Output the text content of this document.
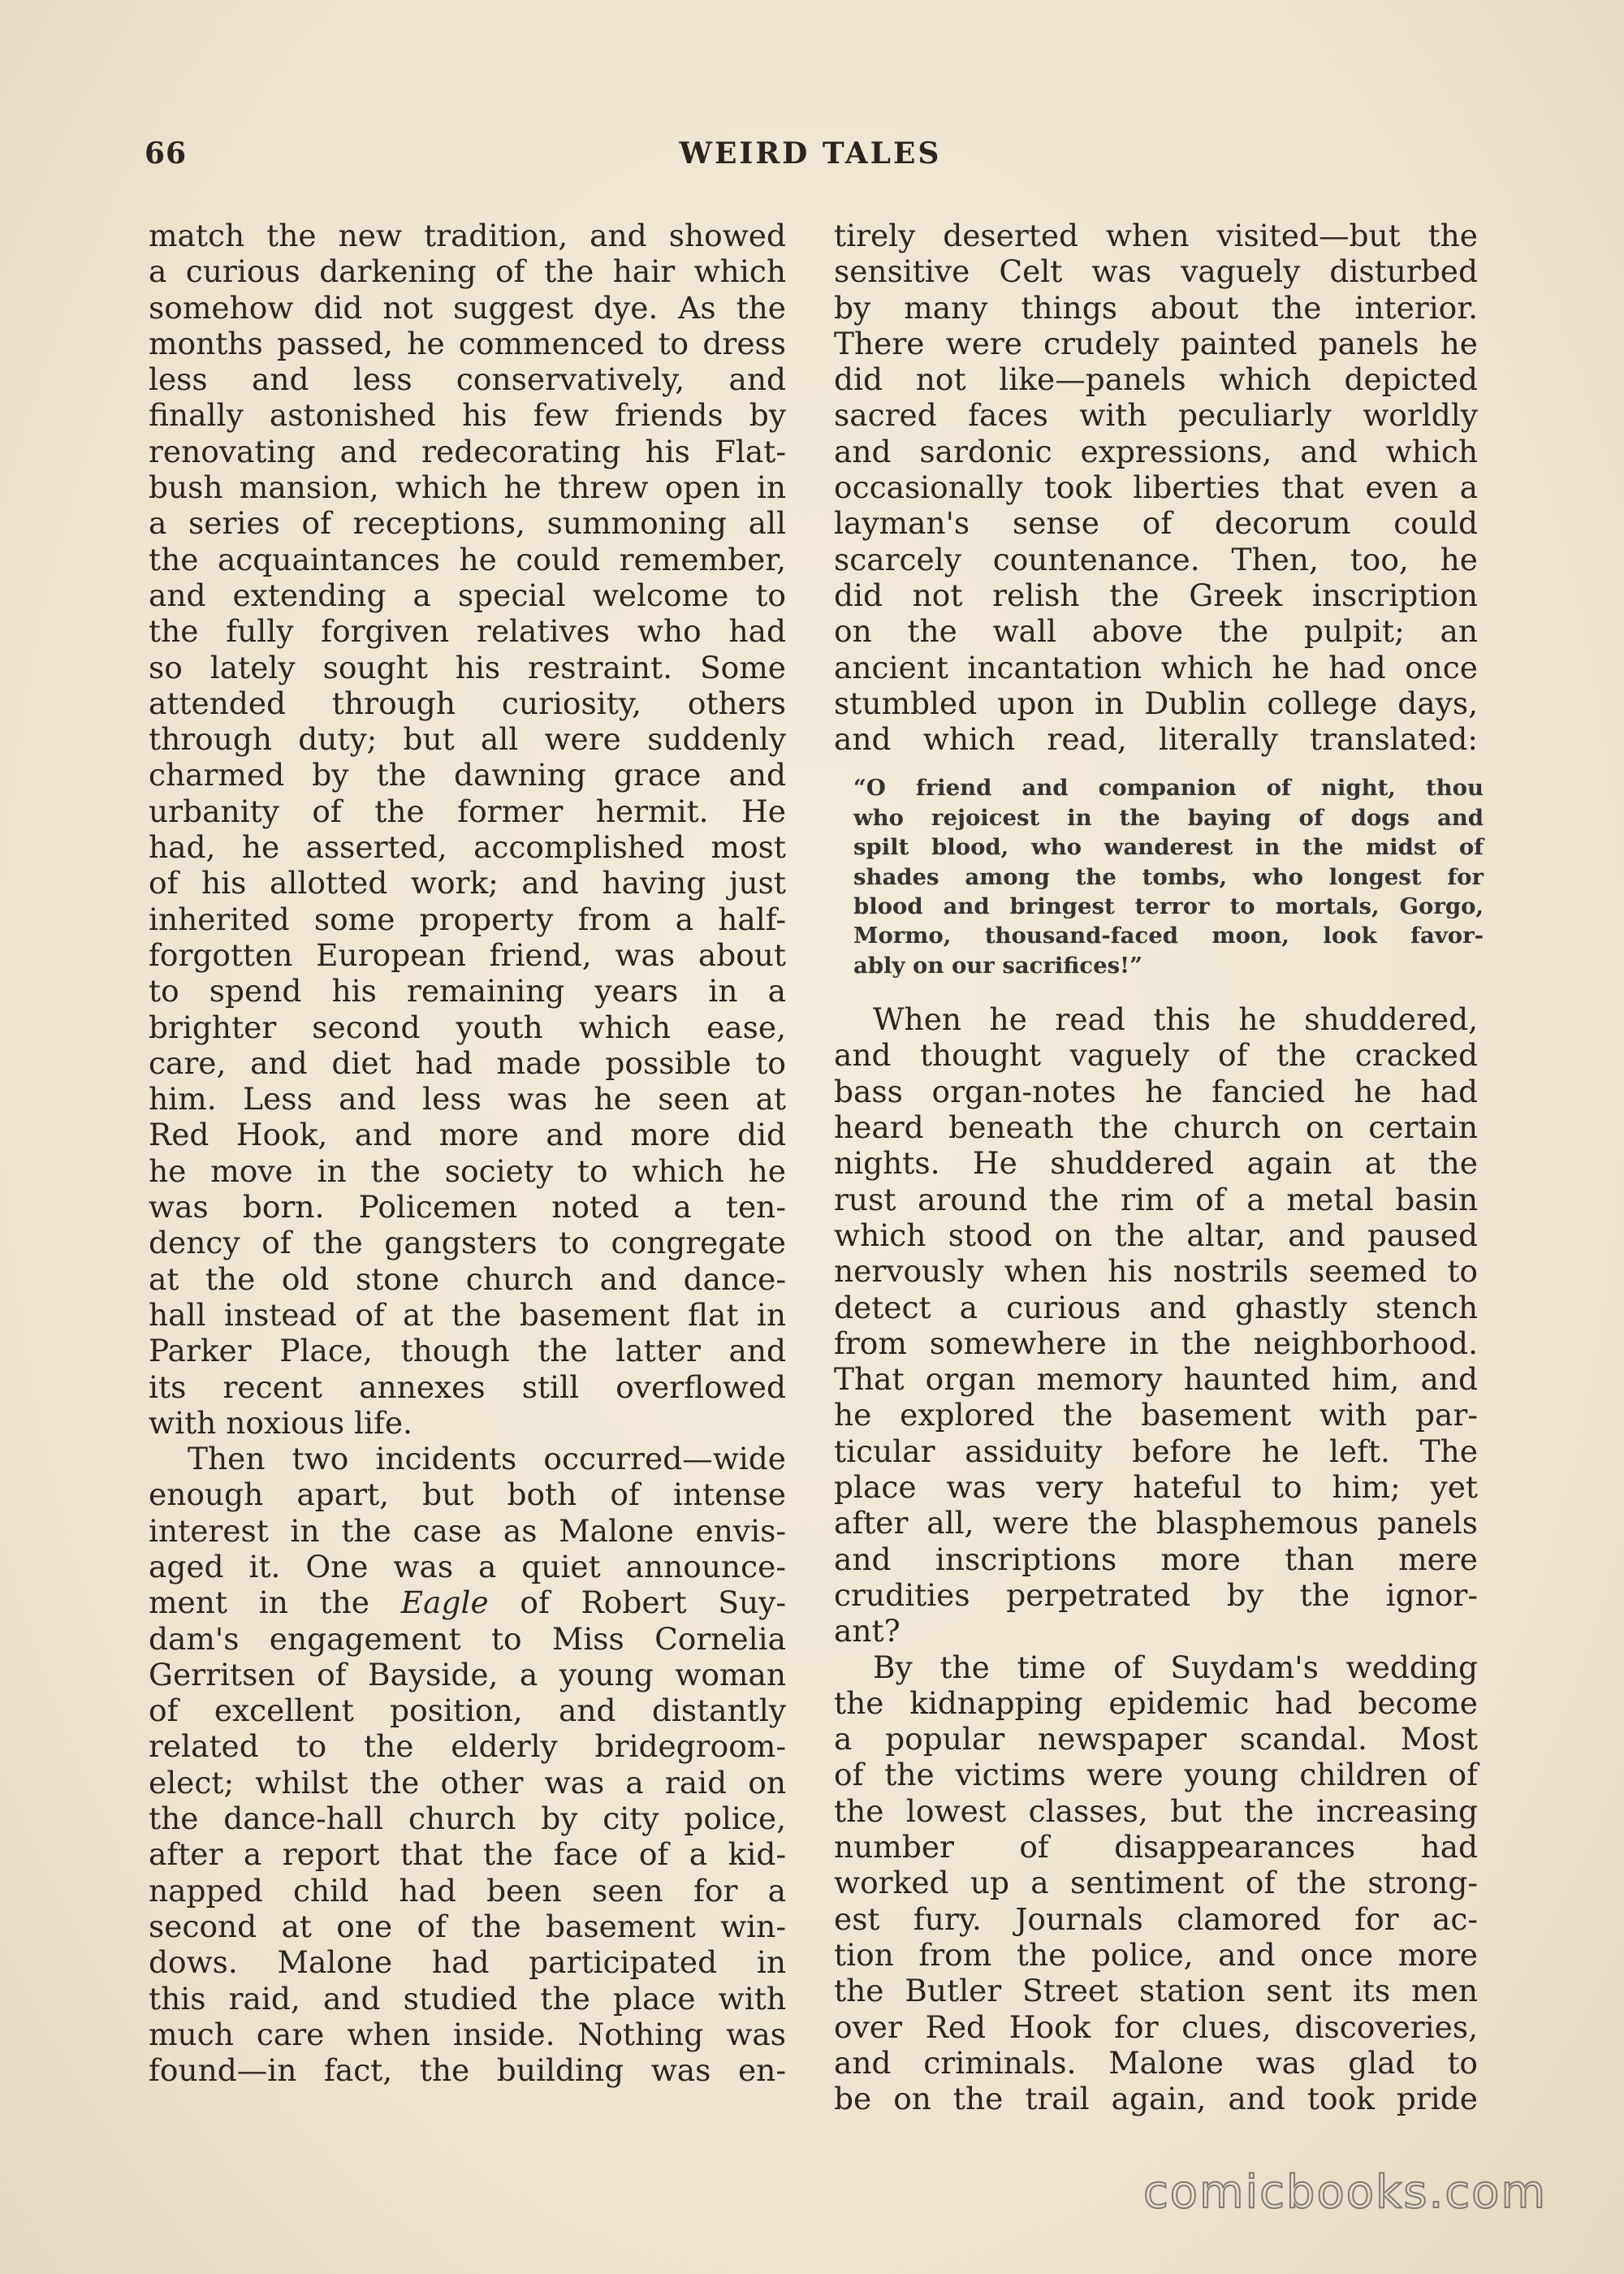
66	WEIRD TALES
match the new tradition, and showed
a curious darkening of the hair which
somehow did not suggest dye. As the
months passed, he commenced to dress
less and less conservatively, and
finally astonished his few friends by
renovating and redecorating his Flat-
bush mansion, which he threw open in
a series of receptions, summoning all
the acquaintances he could remember,
and extending a special welcome to
the fully forgiven relatives who had
so lately sought his restraint. Some
attended through curiosity, others
through duty; but all were suddenly
charmed by the dawning grace and
urbanity of the former hermit. He
had, he asserted, accomplished most
of his allotted work; and having just
inherited some property from a half-
forgotten European friend, was about
to spend his remaining years in a
brighter second youth which ease,
care, and diet had made possible to
him. Less and less was he seen at
Red Hook, and more and more did
he move in the society to which he
was born. Policemen noted a ten-
dency of the gangsters to congregate
at the old stone church and dance-
hall instead of at the basement flat in
Parker Place, though the latter and
its recent annexes still overflowed
with noxious life.
Then two incidents occurred—wide
enough apart, but both of intense
interest in the case as Malone envis-
aged it. One was a quiet announce-
ment in the Eagle of Robert Suy-
dam's engagement to Miss Cornelia
Gerritsen of Bayside, a young woman
of excellent position, and distantly
related to the elderly bridegroom-
elect; whilst the other was a raid on
the dance-hall church by city police,
after a report that the face of a kid-
napped child had been seen for a
second at one of the basement win-
dows. Malone had participated in
this raid, and studied the place with
much care when inside. Nothing was
found—in fact, the building was en-
tirely deserted when visited—but the
sensitive Celt was vaguely disturbed
by many things about the interior.
There were crudely painted panels he
did not like—panels which depicted
sacred faces with peculiarly worldly
and sardonic expressions, and which
occasionally took liberties that even a
layman's sense of decorum could
scarcely countenance. Then, too, he
did not relish the Greek inscription
on the wall above the pulpit; an
ancient incantation which he had once
stumbled upon in Dublin college days,
and which read, literally translated:
“O friend and companion of night, thou
who rejoicest in the baying of dogs and
spilt blood, who wanderest in the midst of
shades among the tombs, who longest for
blood and bringest terror to mortals, Gorgo,
Mormo, thousand-faced moon, look favor-
ably on our sacrifices!”
When he read this he shuddered,
and thought vaguely of the cracked
bass organ-notes he fancied he had
heard beneath the church on certain
nights. He shuddered again at the
rust around the rim of a metal basin
which stood on the altar, and paused
nervously when his nostrils seemed to
detect a curious and ghastly stench
from somewhere in the neighborhood.
That organ memory haunted him, and
he explored the basement with par-
ticular assiduity before he left. The
place was very hateful to him; yet
after all, were the blasphemous panels
and inscriptions more than mere
crudities perpetrated by the ignor-
ant?
By the time of Suydam's wedding
the kidnapping epidemic had become
a popular newspaper scandal. Most
of the victims were young children of
the lowest classes, but the increasing
number of disappearances had
worked up a sentiment of the strong-
est fury. Journals clamored for ac-
tion from the police, and once more
the Butler Street station sent its men
over Red Hook for clues, discoveries,
and criminals. Malone was glad to
be on the trail again, and took pride
comicbooks.com
